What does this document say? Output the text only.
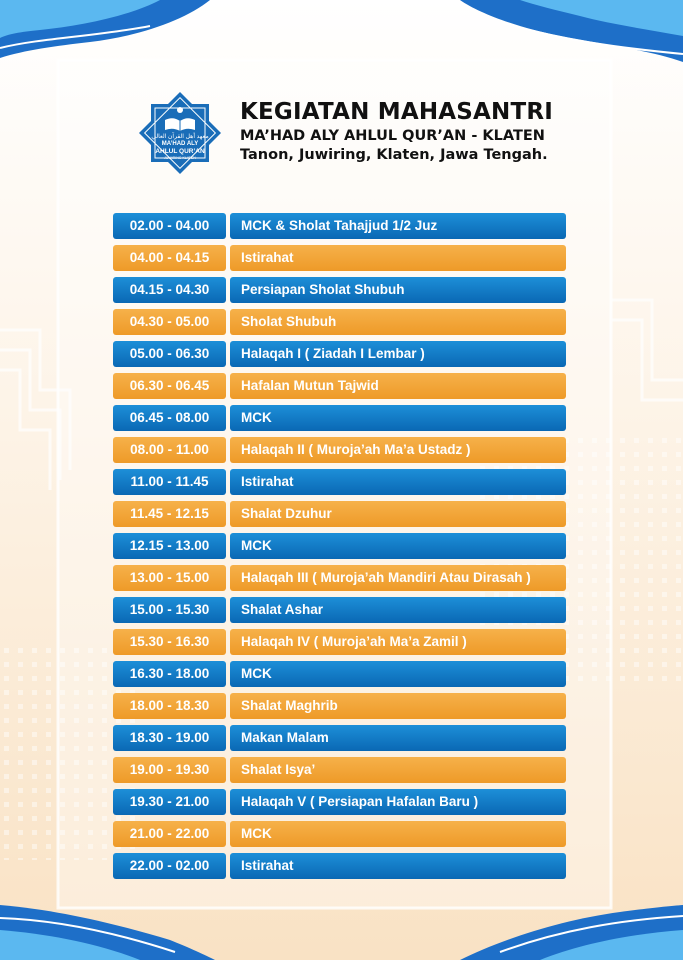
معهد أهل القرآن العالي
MA’HAD ALY
AHLUL QUR’AN
JUWIRING KLATEN
KEGIATAN MAHASANTRI
MA’HAD ALY AHLUL QUR’AN - KLATEN
Tanon, Juwiring, Klaten, Jawa Tengah.
02.00 - 04.00	MCK & Sholat Tahajjud 1/2 Juz
04.00 - 04.15	Istirahat
04.15 - 04.30	Persiapan Sholat Shubuh
04.30 - 05.00	Sholat Shubuh
05.00 - 06.30	Halaqah I ( Ziadah I Lembar )
06.30 - 06.45	Hafalan Mutun Tajwid
06.45 - 08.00	MCK
08.00 - 11.00	Halaqah II ( Muroja’ah Ma’a Ustadz )
11.00 - 11.45	Istirahat
11.45 - 12.15	Shalat Dzuhur
12.15 - 13.00	MCK
13.00 - 15.00	Halaqah III ( Muroja’ah Mandiri Atau Dirasah )
15.00 - 15.30	Shalat Ashar
15.30 - 16.30	Halaqah IV ( Muroja’ah Ma’a Zamil )
16.30 - 18.00	MCK
18.00 - 18.30	Shalat Maghrib
18.30 - 19.00	Makan Malam
19.00 - 19.30	Shalat Isya’
19.30 - 21.00	Halaqah V ( Persiapan Hafalan Baru )
21.00 - 22.00	MCK
22.00 - 02.00	Istirahat
